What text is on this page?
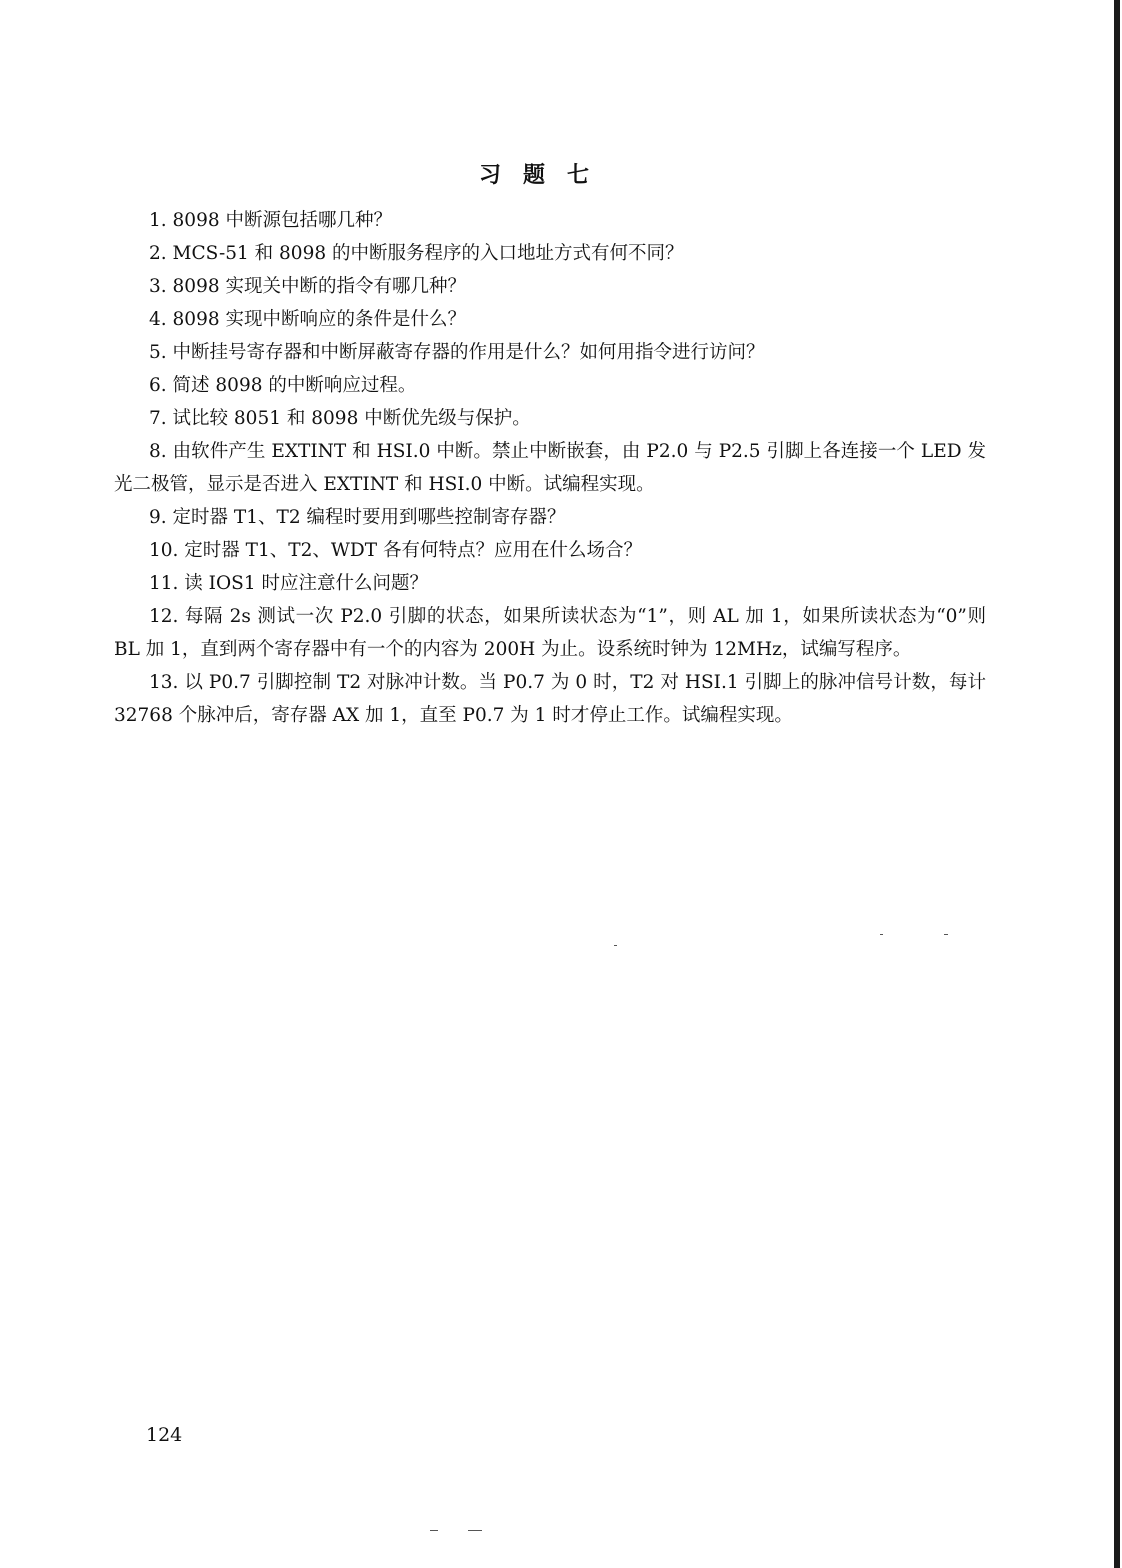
习题七
1. 8098 中断源包括哪几种？
2. MCS-51 和 8098 的中断服务程序的入口地址方式有何不同？
3. 8098 实现关中断的指令有哪几种？
4. 8098 实现中断响应的条件是什么？
5. 中断挂号寄存器和中断屏蔽寄存器的作用是什么？如何用指令进行访问？
6. 简述 8098 的中断响应过程。
7. 试比较 8051 和 8098 中断优先级与保护。
8. 由软件产生 EXTINT 和 HSI.0 中断。禁止中断嵌套，由 P2.0 与 P2.5 引脚上各连接一个 LED 发光二极管，显示是否进入 EXTINT 和 HSI.0 中断。试编程实现。
9. 定时器 T1、T2 编程时要用到哪些控制寄存器？
10. 定时器 T1、T2、WDT 各有何特点？应用在什么场合？
11. 读 IOS1 时应注意什么问题？
12. 每隔 2s 测试一次 P2.0 引脚的状态，如果所读状态为“1”，则 AL 加 1，如果所读状态为“0”则 BL 加 1，直到两个寄存器中有一个的内容为 200H 为止。设系统时钟为 12MHz，试编写程序。
13. 以 P0.7 引脚控制 T2 对脉冲计数。当 P0.7 为 0 时，T2 对 HSI.1 引脚上的脉冲信号计数，每计 32768 个脉冲后，寄存器 AX 加 1，直至 P0.7 为 1 时才停止工作。试编程实现。
124
